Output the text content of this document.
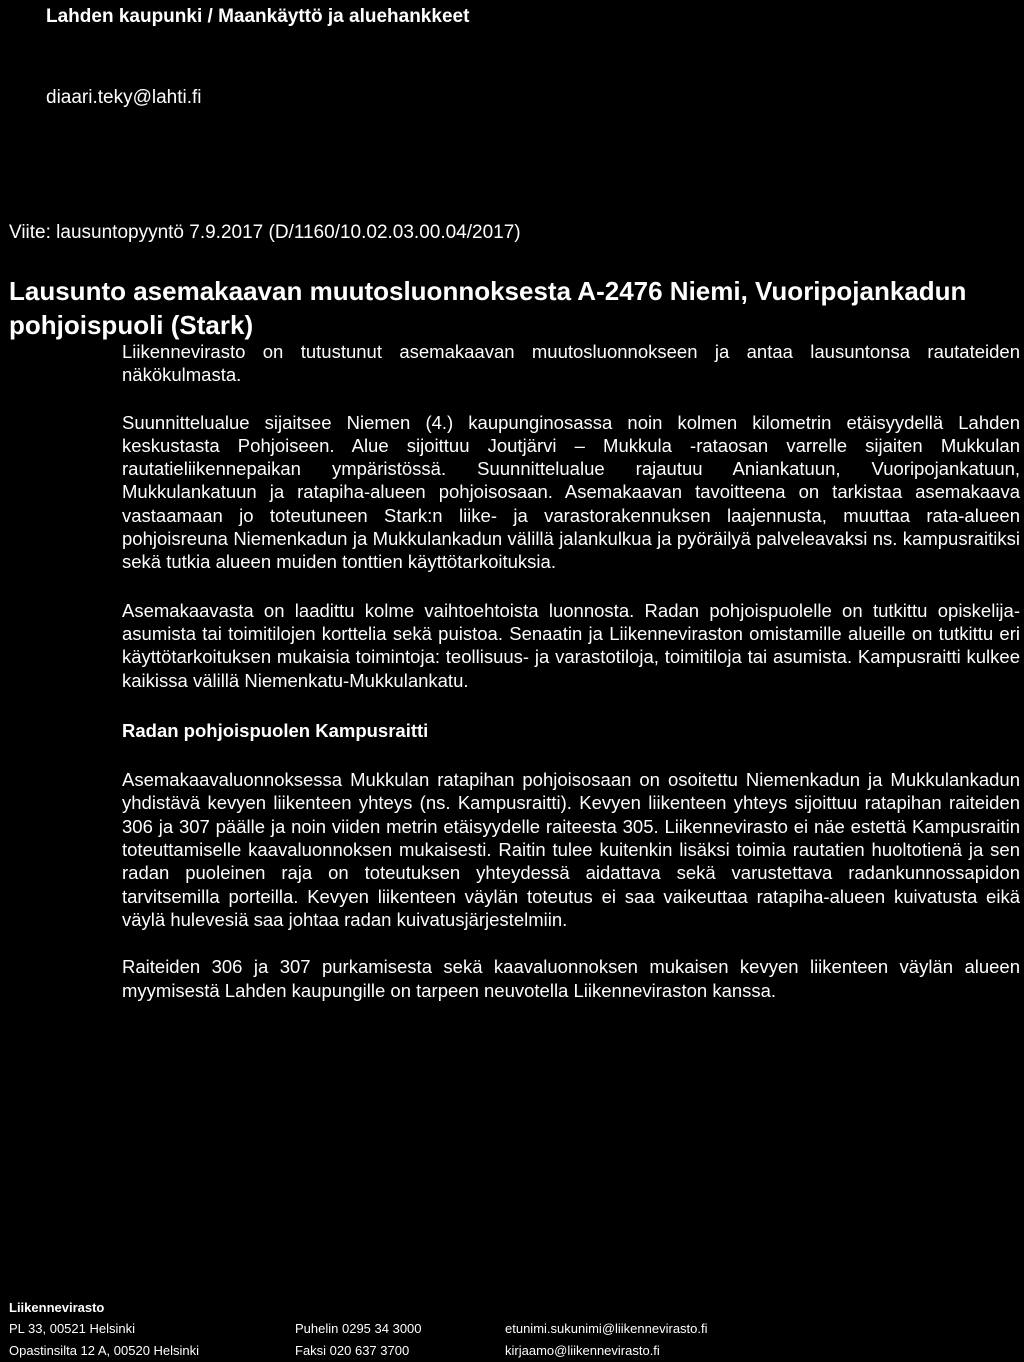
Lahden kaupunki / Maankäyttö ja aluehankkeet
diaari.teky@lahti.fi
Viite: lausuntopyyntö 7.9.2017 (D/1160/10.02.03.00.04/2017)
Lausunto asemakaavan muutosluonnoksesta A-2476 Niemi, Vuoripojankadun pohjoispuoli (Stark)

Liikennevirasto on tutustunut asemakaavan muutosluonnokseen ja antaa lausuntonsa rautateiden näkökulmasta.

Suunnittelualue sijaitsee Niemen (4.) kaupunginosassa noin kolmen kilometrin etäisyydellä Lahden keskustasta Pohjoiseen. Alue sijoittuu Joutjärvi – Mukkula -rataosan varrelle sijaiten Mukkulan rautatieliikennepaikan ympäristössä. Suunnittelualue rajautuu Aniankatuun, Vuoripojankatuun, Mukkulankatuun ja ratapiha-alueen pohjoisosaan. Asemakaavan tavoitteena on tarkistaa asemakaava vastaamaan jo toteutuneen Stark:n liike- ja varastorakennuksen laajennusta, muuttaa rata-alueen pohjoisreuna Niemenkadun ja Mukkulankadun välillä jalankulkua ja pyöräilyä palveleavaksi ns. kampusraitiksi sekä tutkia alueen muiden tonttien käyttötarkoituksia.

Asemakaavasta on laadittu kolme vaihtoehtoista luonnosta. Radan pohjoispuolelle on tutkittu opiskelija-asumista tai toimitilojen korttelia sekä puistoa. Senaatin ja Liikenneviraston omistamille alueille on tutkittu eri käyttötarkoituksen mukaisia toimintoja: teollisuus- ja varastotiloja, toimitiloja tai asumista. Kampusraitti kulkee kaikissa välillä Niemenkatu-Mukkulankatu.

Radan pohjoispuolen Kampusraitti

Asemakaavaluonnoksessa Mukkulan ratapihan pohjoisosaan on osoitettu Niemenkadun ja Mukkulankadun yhdistävä kevyen liikenteen yhteys (ns. Kampusraitti). Kevyen liikenteen yhteys sijoittuu ratapihan raiteiden 306 ja 307 päälle ja noin viiden metrin etäisyydelle raiteesta 305. Liikennevirasto ei näe estettä Kampusraitin toteuttamiselle kaavaluonnoksen mukaisesti. Raitin tulee kuitenkin lisäksi toimia rautatien huoltotienä ja sen radan puoleinen raja on toteutuksen yhteydessä aidattava sekä varustettava radankunnossapidon tarvitsemilla porteilla. Kevyen liikenteen väylän toteutus ei saa vaikeuttaa ratapiha-alueen kuivatusta eikä väylä hulevesiä saa johtaa radan kuivatusjärjestelmiin.

Raiteiden 306 ja 307 purkamisesta sekä kaavaluonnoksen mukaisen kevyen liikenteen väylän alueen myymisestä Lahden kaupungille on tarpeen neuvotella Liikenneviraston kanssa.

Liikennevirasto
PL 33, 00521 Helsinki
Opastinsilta 12 A, 00520 Helsinki
Puhelin 0295 34 3000
Faksi 020 637 3700
etunimi.sukunimi@liikennevirasto.fi
kirjaamo@liikennevirasto.fi
